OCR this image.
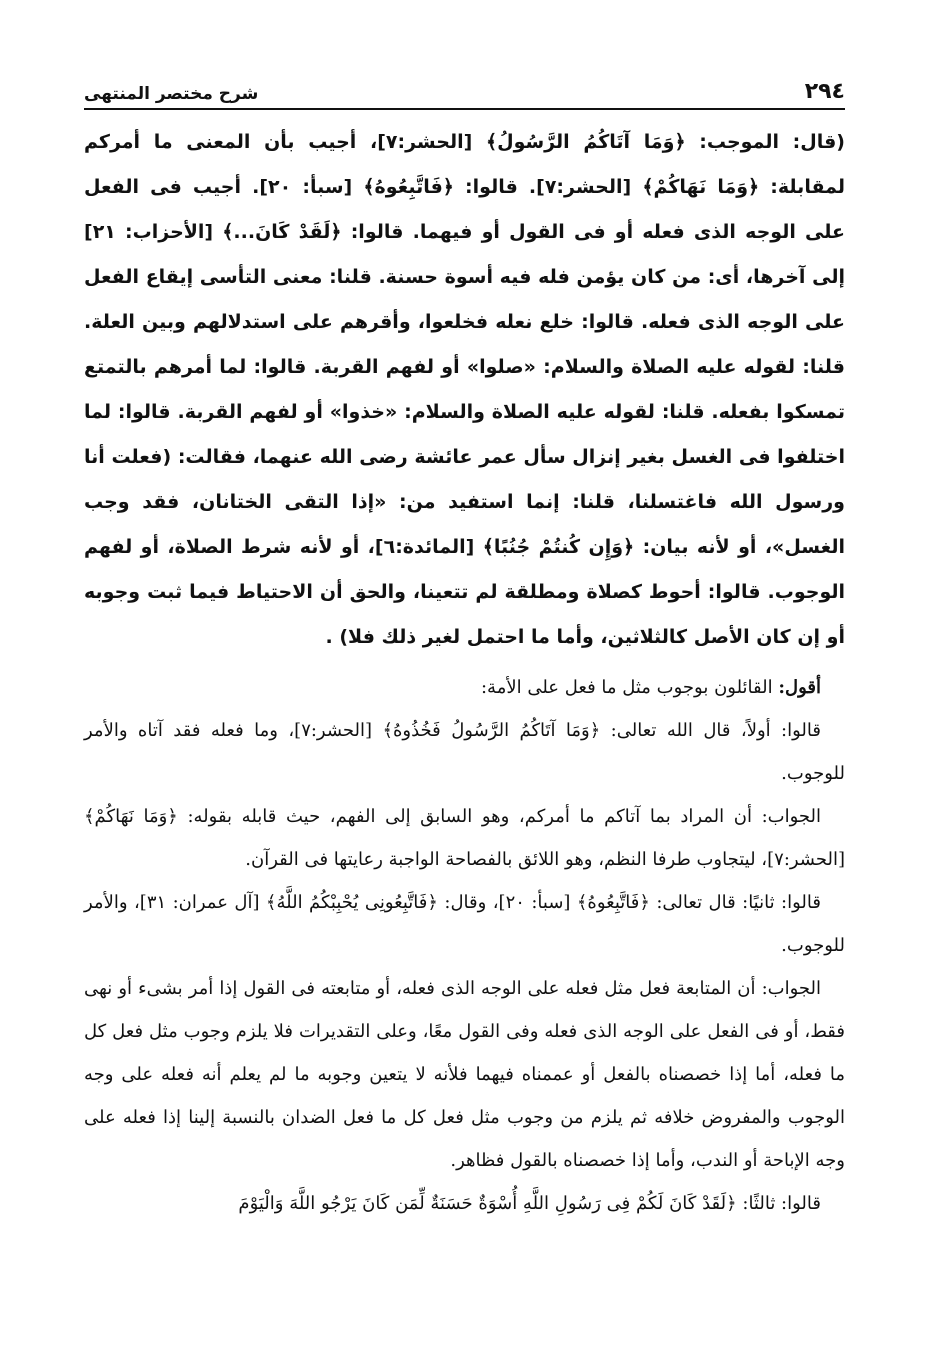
٢٩٤
شرح مختصر المنتهى

(قال: الموجب: ﴿وَمَا آتَاكُمُ الرَّسُولُ﴾ [الحشر:٧]، أجيب بأن المعنى ما أمركم لمقابلة: ﴿وَمَا نَهَاكُمْ﴾ [الحشر:٧]. قالوا: ﴿فَاتَّبِعُوهُ﴾ [سبأ: ٢٠]. أجيب فى الفعل على الوجه الذى فعله أو فى القول أو فيهما. قالوا: ﴿لَقَدْ كَانَ...﴾ [الأحزاب: ٢١] إلى آخرها، أى: من كان يؤمن فله فيه أسوة حسنة. قلنا: معنى التأسى إيقاع الفعل على الوجه الذى فعله. قالوا: خلع نعله فخلعوا، وأقرهم على استدلالهم وبين العلة. قلنا: لقوله عليه الصلاة والسلام: «صلوا» أو لفهم القربة. قالوا: لما أمرهم بالتمتع تمسكوا بفعله. قلنا: لقوله عليه الصلاة والسلام: «خذوا» أو لفهم القربة. قالوا: لما اختلفوا فى الغسل بغير إنزال سأل عمر عائشة رضى الله عنهما، فقالت: (فعلت أنا ورسول الله فاغتسلنا، قلنا: إنما استفيد من: «إذا التقى الختانان، فقد وجب الغسل»، أو لأنه بيان: ﴿وَإِن كُنتُمْ جُنُبًا﴾ [المائدة:٦]، أو لأنه شرط الصلاة، أو لفهم الوجوب. قالوا: أحوط كصلاة ومطلقة لم تتعينا، والحق أن الاحتياط فيما ثبت وجوبه أو إن كان الأصل كالثلاثين، وأما ما احتمل لغير ذلك فلا) .

أقول: القائلون بوجوب مثل ما فعل على الأمة:

قالوا: أولاً، قال الله تعالى: ﴿وَمَا آتَاكُمُ الرَّسُولُ فَخُذُوهُ﴾ [الحشر:٧]، وما فعله فقد آتاه والأمر للوجوب.

الجواب: أن المراد بما آتاكم ما أمركم، وهو السابق إلى الفهم، حيث قابله بقوله: ﴿وَمَا نَهَاكُمْ﴾ [الحشر:٧]، ليتجاوب طرفا النظم، وهو اللائق بالفصاحة الواجبة رعايتها فى القرآن.

قالوا: ثانيًا: قال تعالى: ﴿فَاتَّبِعُوهُ﴾ [سبأ: ٢٠]، وقال: ﴿فَاتَّبِعُونِى يُحْبِبْكُمُ اللَّهُ﴾ [آل عمران: ٣١]، والأمر للوجوب.

الجواب: أن المتابعة فعل مثل فعله على الوجه الذى فعله، أو متابعته فى القول إذا أمر بشىء أو نهى فقط، أو فى الفعل على الوجه الذى فعله وفى القول معًا، وعلى التقديرات فلا يلزم وجوب مثل فعل كل ما فعله، أما إذا خصصناه بالفعل أو عممناه فيهما فلأنه لا يتعين وجوبه ما لم يعلم أنه فعله على وجه الوجوب والمفروض خلافه ثم يلزم من وجوب مثل فعل كل ما فعل الضدان بالنسبة إلينا إذا فعله على وجه الإباحة أو الندب، وأما إذا خصصناه بالقول فظاهر.

قالوا: ثالثًا: ﴿لَقَدْ كَانَ لَكُمْ فِى رَسُولِ اللَّهِ أُسْوَةٌ حَسَنَةٌ لِّمَن كَانَ يَرْجُو اللَّهَ وَالْيَوْمَ
